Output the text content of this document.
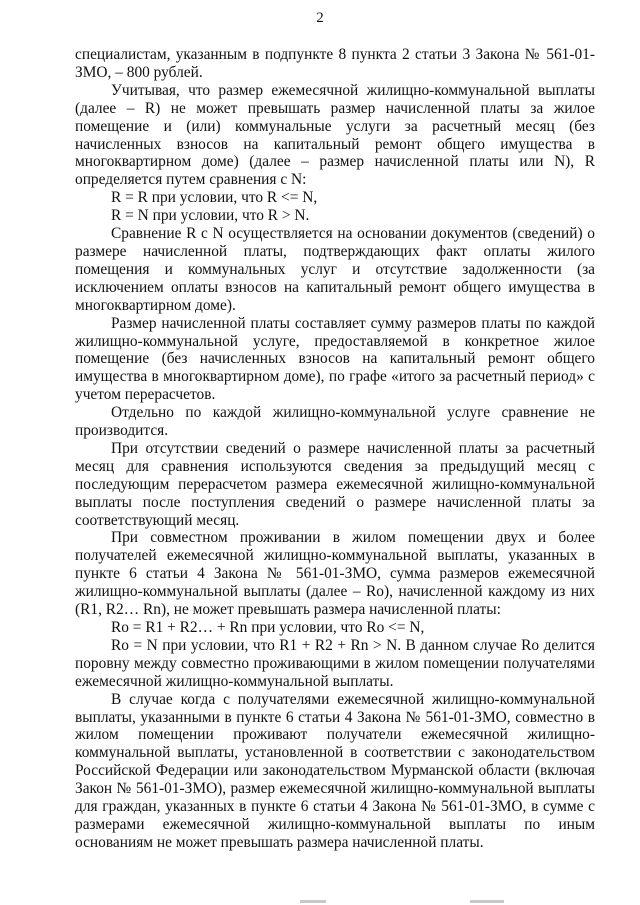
2

специалистам, указанным в подпункте 8 пункта 2 статьи 3 Закона № 561-01-ЗМО, – 800 рублей.

Учитывая, что размер ежемесячной жилищно-коммунальной выплаты (далее – R) не может превышать размер начисленной платы за жилое помещение и (или) коммунальные услуги за расчетный месяц (без начисленных взносов на капитальный ремонт общего имущества в многоквартирном доме) (далее – размер начисленной платы или N), R определяется путем сравнения с N:

R = R при условии, что R <= N,

R = N при условии, что R > N.

Сравнение R с N осуществляется на основании документов (сведений) о размере начисленной платы, подтверждающих факт оплаты жилого помещения и коммунальных услуг и отсутствие задолженности (за исключением оплаты взносов на капитальный ремонт общего имущества в многоквартирном доме).

Размер начисленной платы составляет сумму размеров платы по каждой жилищно-коммунальной услуге, предоставляемой в конкретное жилое помещение (без начисленных взносов на капитальный ремонт общего имущества в многоквартирном доме), по графе «итого за расчетный период» с учетом перерасчетов.

Отдельно по каждой жилищно-коммунальной услуге сравнение не производится.

При отсутствии сведений о размере начисленной платы за расчетный месяц для сравнения используются сведения за предыдущий месяц с последующим перерасчетом размера ежемесячной жилищно-коммунальной выплаты после поступления сведений о размере начисленной платы за соответствующий месяц.

При совместном проживании в жилом помещении двух и более получателей ежемесячной жилищно-коммунальной выплаты, указанных в пункте 6 статьи 4 Закона № 561-01-ЗМО, сумма размеров ежемесячной жилищно-коммунальной выплаты (далее – Ro), начисленной каждому из них (R1, R2… Rn), не может превышать размера начисленной платы:

Ro = R1 + R2… + Rn при условии, что Ro <= N,

Ro = N при условии, что R1 + R2 + Rn > N. В данном случае Ro делится поровну между совместно проживающими в жилом помещении получателями ежемесячной жилищно-коммунальной выплаты.

В случае когда с получателями ежемесячной жилищно-коммунальной выплаты, указанными в пункте 6 статьи 4 Закона № 561-01-ЗМО, совместно в жилом помещении проживают получатели ежемесячной жилищно-коммунальной выплаты, установленной в соответствии с законодательством Российской Федерации или законодательством Мурманской области (включая Закон № 561-01-ЗМО), размер ежемесячной жилищно-коммунальной выплаты для граждан, указанных в пункте 6 статьи 4 Закона № 561-01-ЗМО, в сумме с размерами ежемесячной жилищно-коммунальной выплаты по иным основаниям не может превышать размера начисленной платы.
